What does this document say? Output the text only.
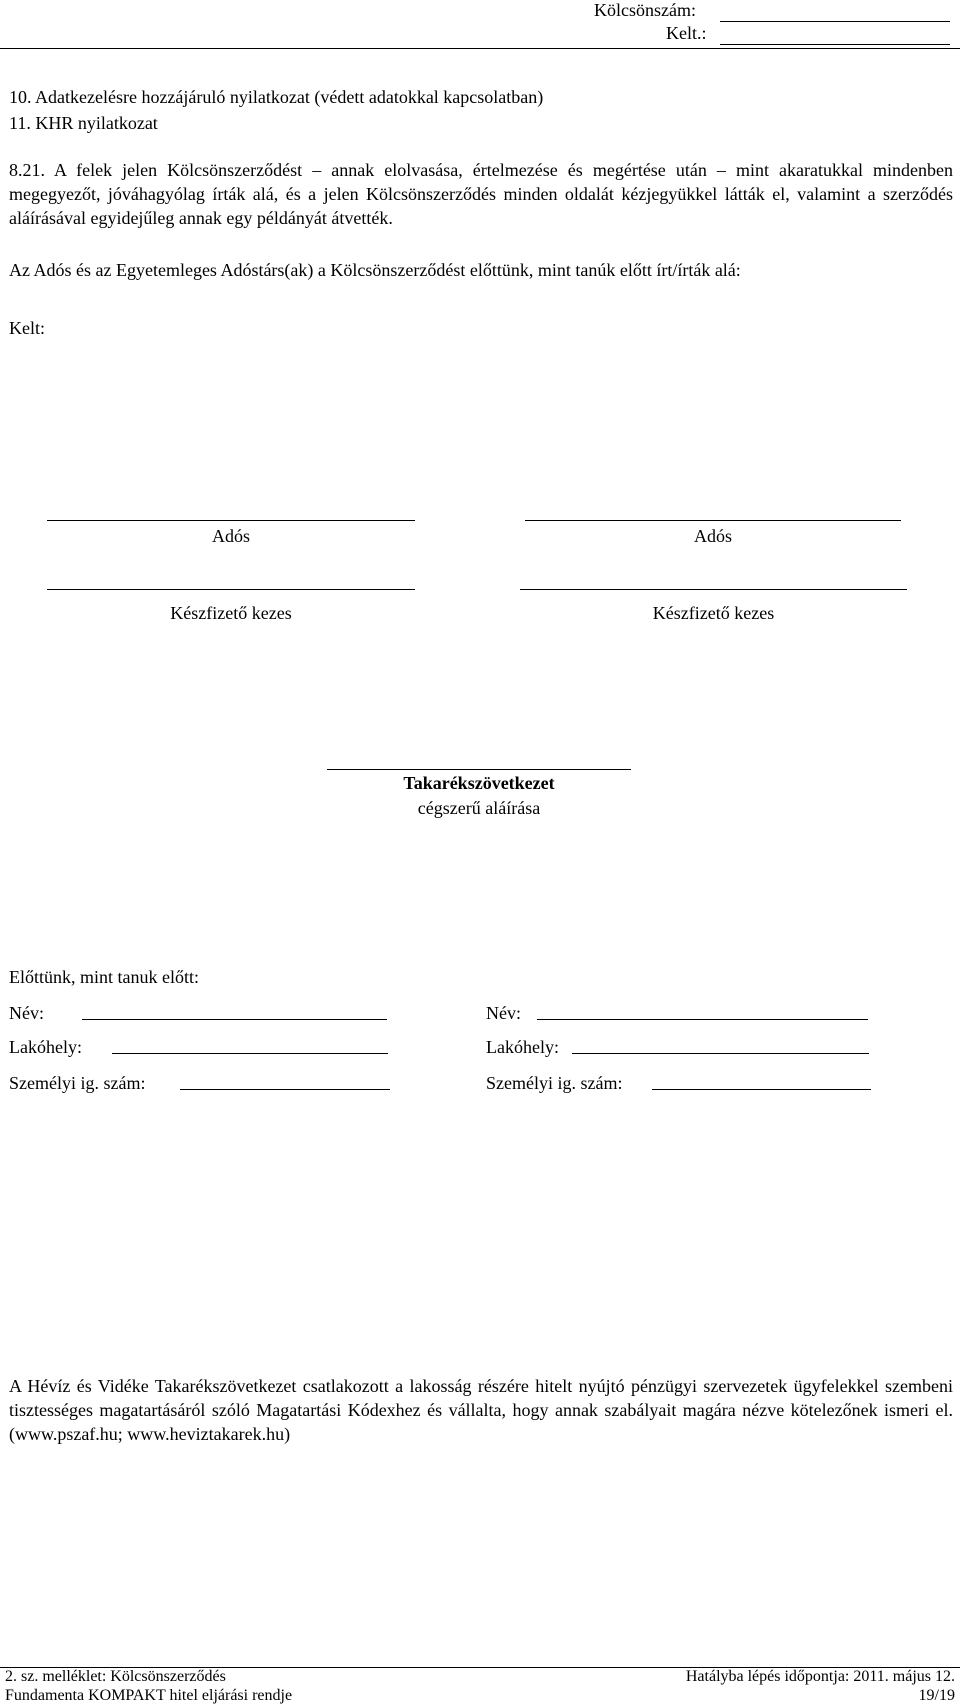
Kölcsönszám:
Kelt.:
10. Adatkezelésre hozzájáruló nyilatkozat (védett adatokkal kapcsolatban)
11. KHR nyilatkozat
8.21. A felek jelen Kölcsönszerződést – annak elolvasása, értelmezése és megértése után – mint akaratukkal mindenben megegyezőt, jóváhagyólag írták alá, és a jelen Kölcsönszerződés minden oldalát kézjegyükkel látták el, valamint a szerződés aláírásával egyidejűleg annak egy példányát átvették.
Az Adós és az Egyetemleges Adóstárs(ak) a Kölcsönszerződést előttünk, mint tanúk előtt írt/írták alá:
Kelt:
Adós	Adós
Készfizető kezes	Készfizető kezes
Takarékszövetkezet
cégszerű aláírása
Előttünk, mint tanuk előtt:
Név:
Lakóhely:
Személyi ig. szám:
Név:
Lakóhely:
Személyi ig. szám:
A Hévíz és Vidéke Takarékszövetkezet csatlakozott a lakosság részére hitelt nyújtó pénzügyi szervezetek ügyfelekkel szembeni tisztességes magatartásáról szóló Magatartási Kódexhez és vállalta, hogy annak szabályait magára nézve kötelezőnek ismeri el. (www.pszaf.hu; www.heviztakarek.hu)
2. sz. melléklet: Kölcsönszerződés	Hatályba lépés időpontja: 2011. május 12.
Fundamenta KOMPAKT hitel eljárási rendje	19/19
